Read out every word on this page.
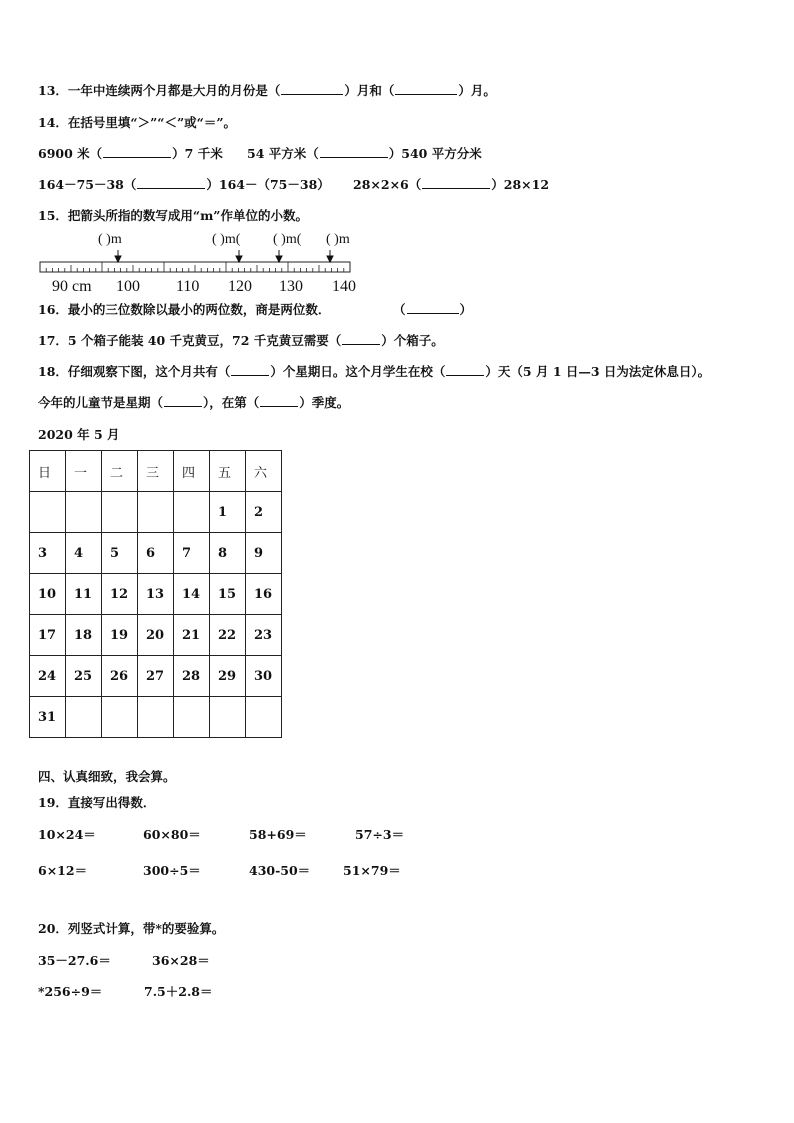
13．一年中连续两个月都是大月的月份是（	）月和（	）月。
14．在括号里填“＞”“＜”或“＝”。
6900 米（	）7 千米 54 平方米（	）540 平方分米
164－75－38（	）164－（75－38） 28×2×6（	）28×12
15．把箭头所指的数写成用“m”作单位的小数。
( )m	( )m( ( )m( ( )m
90 cm 100 110 120 130 140
16．最小的三位数除以最小的两位数，商是两位数．	（	）
17．5 个箱子能装 40 千克黄豆，72 千克黄豆需要（	）个箱子。
18．仔细观察下图，这个月共有（	）个星期日。这个月学生在校（	）天（5 月 1 日—3 日为法定休息日）。
今年的儿童节是星期（	），在第（	）季度。
2020 年 5 月
日	一	二	三	四	五	六
					1	2
3	4	5	6	7	8	9
10	11	12	13	14	15	16
17	18	19	20	21	22	23
24	25	26	27	28	29	30
31						
四、认真细致，我会算。
19．直接写出得数．
10×24＝	60×80＝	58+69＝	57÷3＝
6×12＝	300÷5＝	430-50＝	51×79＝
20．列竖式计算，带*的要验算。
35－27.6＝	36×28＝
*256÷9＝	7.5＋2.8＝
